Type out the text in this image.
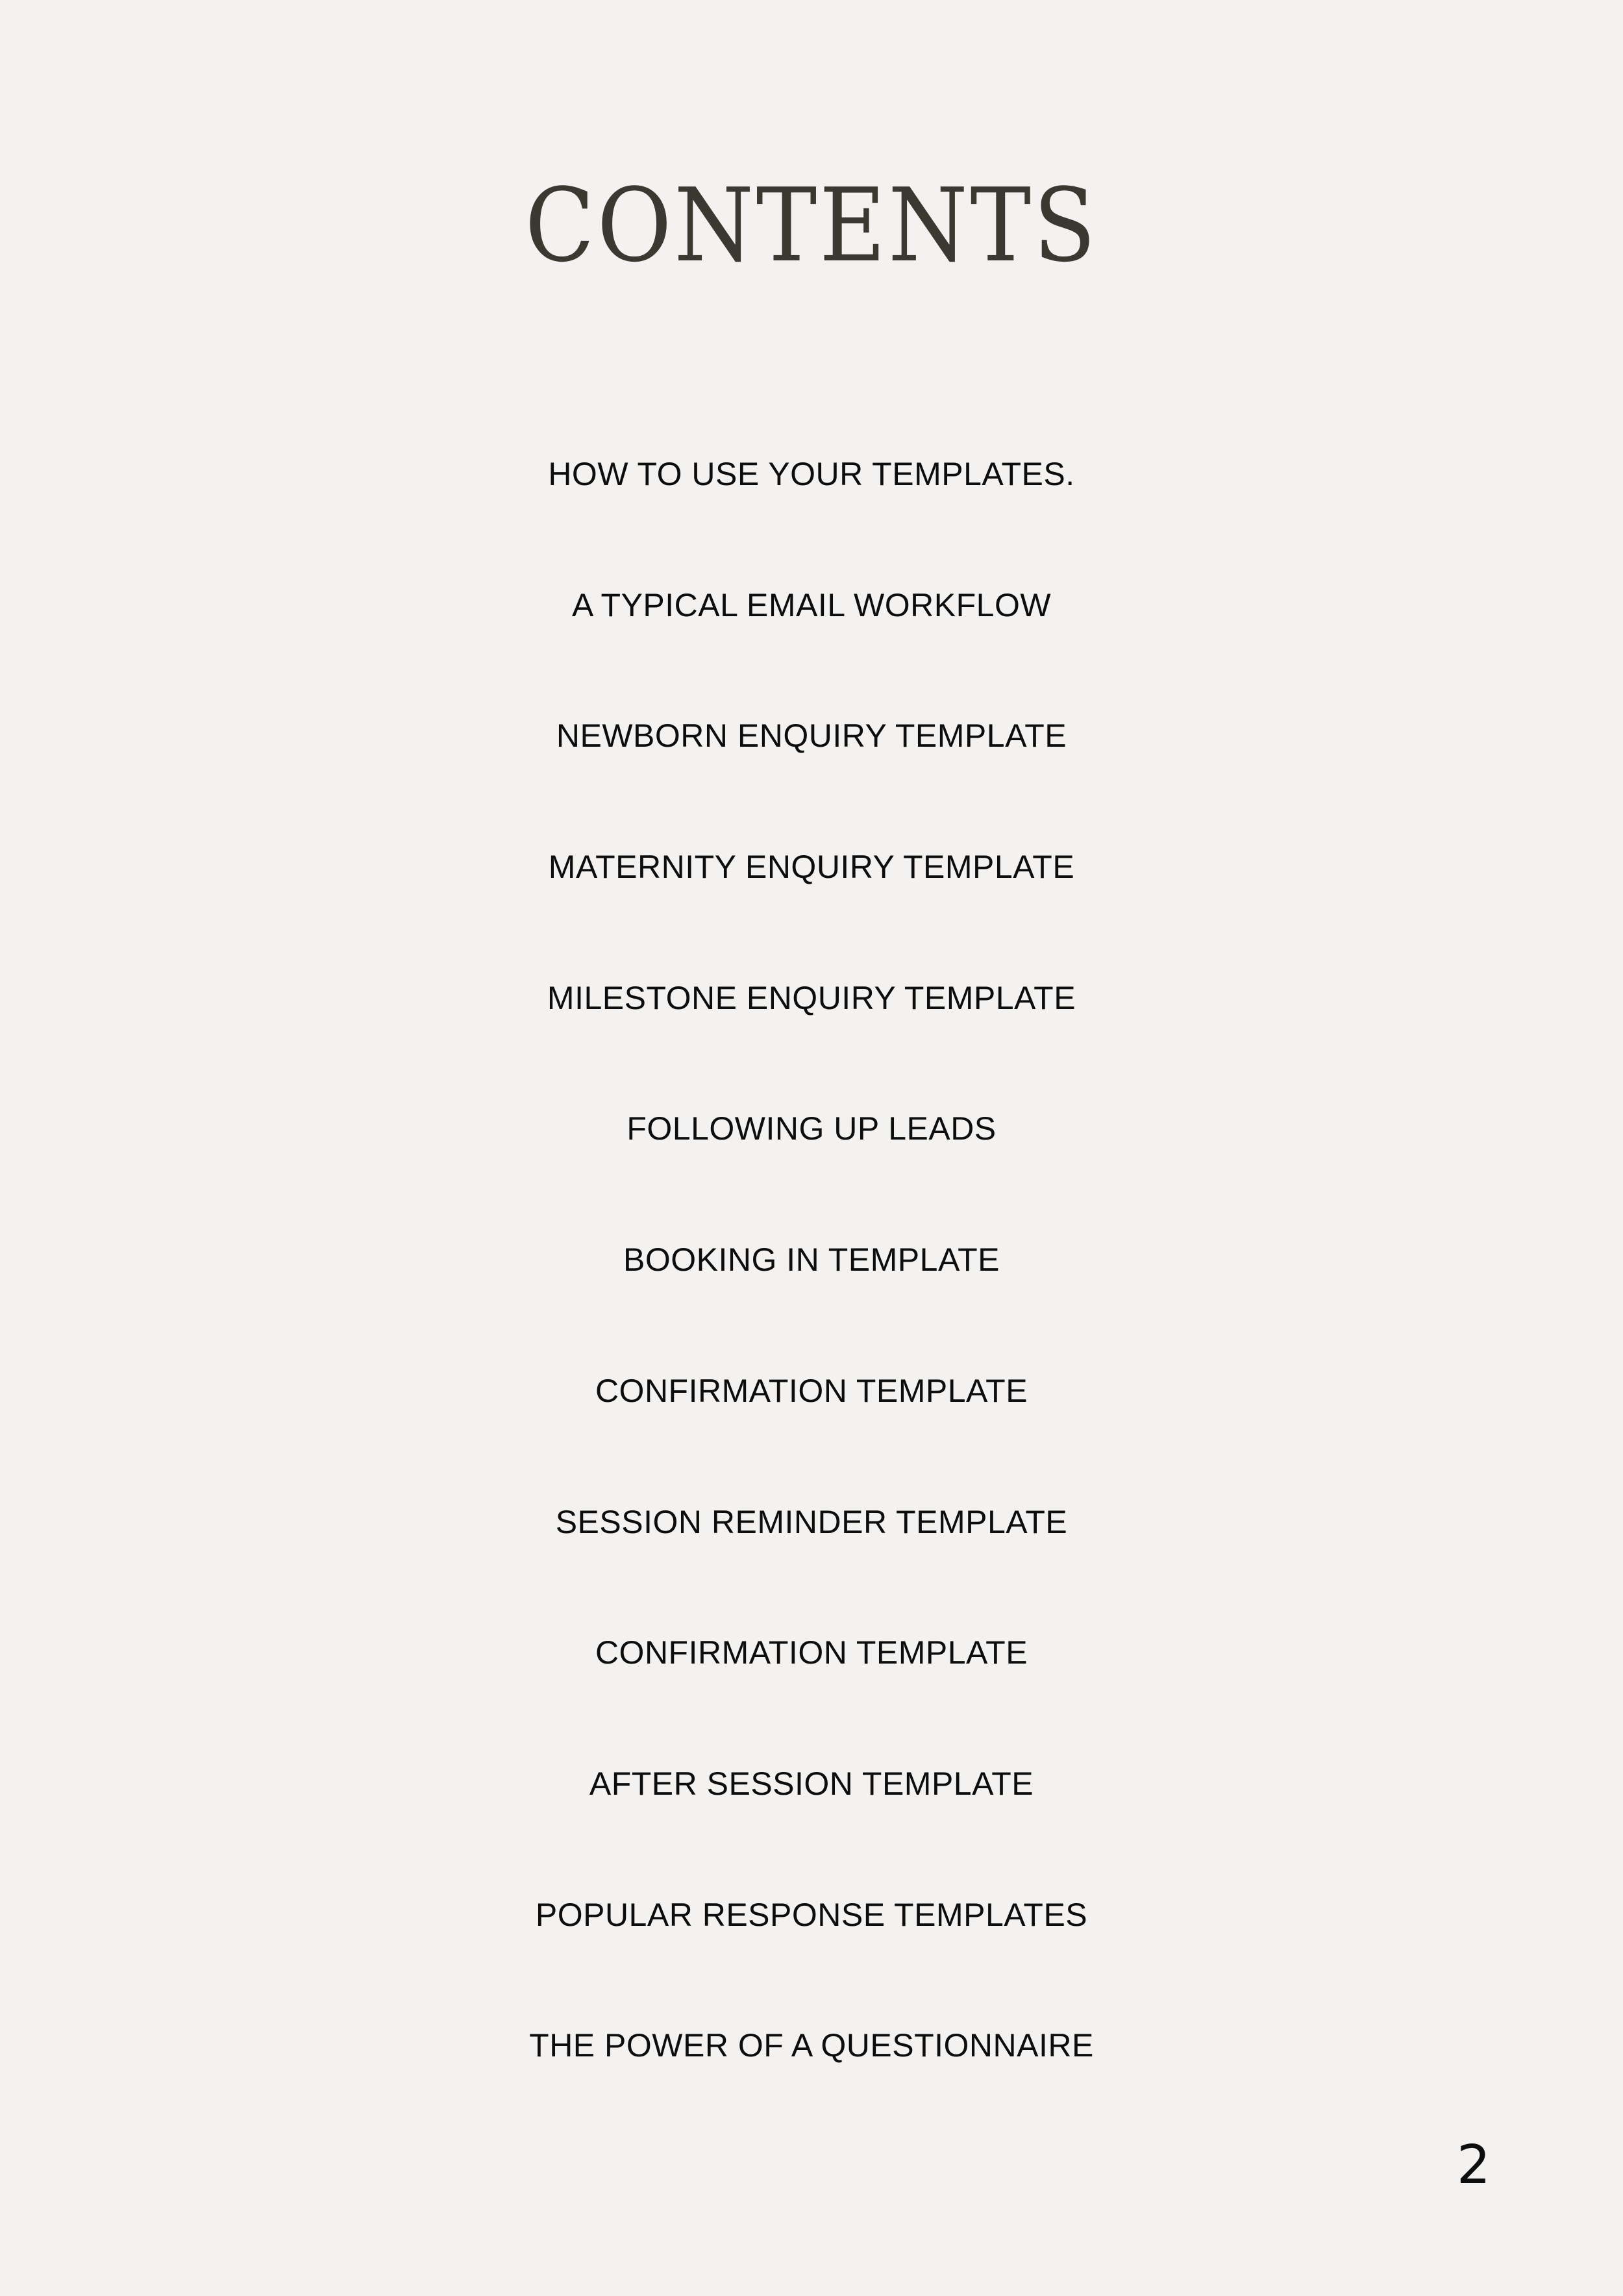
CONTENTS
HOW TO USE YOUR TEMPLATES.
A TYPICAL EMAIL WORKFLOW
NEWBORN ENQUIRY TEMPLATE
MATERNITY ENQUIRY TEMPLATE
MILESTONE ENQUIRY TEMPLATE
FOLLOWING UP LEADS
BOOKING IN TEMPLATE
CONFIRMATION TEMPLATE
SESSION REMINDER TEMPLATE
CONFIRMATION TEMPLATE
AFTER SESSION TEMPLATE
POPULAR RESPONSE TEMPLATES
THE POWER OF A QUESTIONNAIRE
2
